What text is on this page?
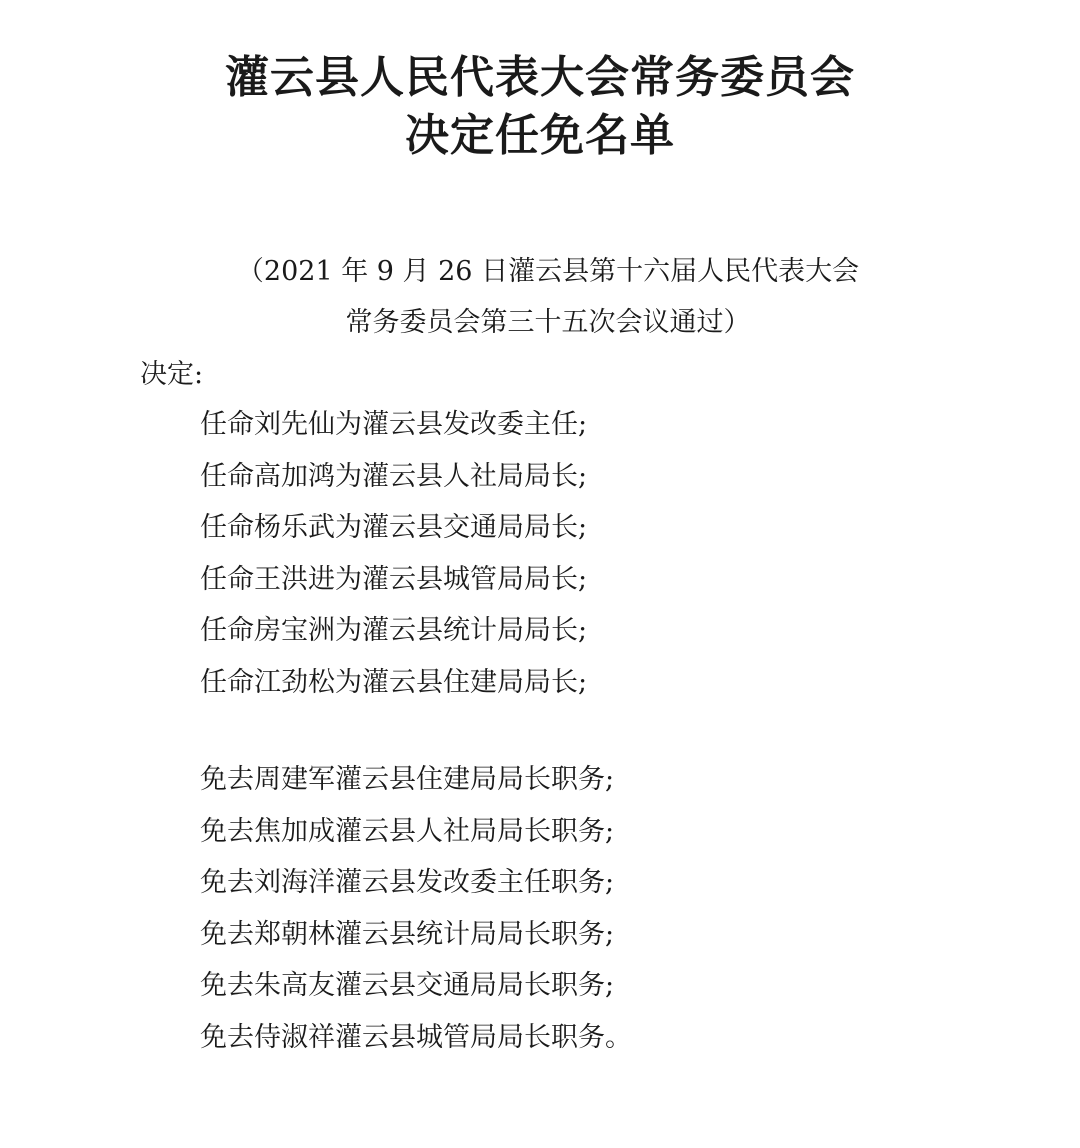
灌云县人民代表大会常务委员会
决定任免名单
（2021 年 9 月 26 日灌云县第十六届人民代表大会
常务委员会第三十五次会议通过）
决定:
任命刘先仙为灌云县发改委主任;
任命高加鸿为灌云县人社局局长;
任命杨乐武为灌云县交通局局长;
任命王洪进为灌云县城管局局长;
任命房宝洲为灌云县统计局局长;
任命江劲松为灌云县住建局局长;
免去周建军灌云县住建局局长职务;
免去焦加成灌云县人社局局长职务;
免去刘海洋灌云县发改委主任职务;
免去郑朝林灌云县统计局局长职务;
免去朱高友灌云县交通局局长职务;
免去侍淑祥灌云县城管局局长职务。
